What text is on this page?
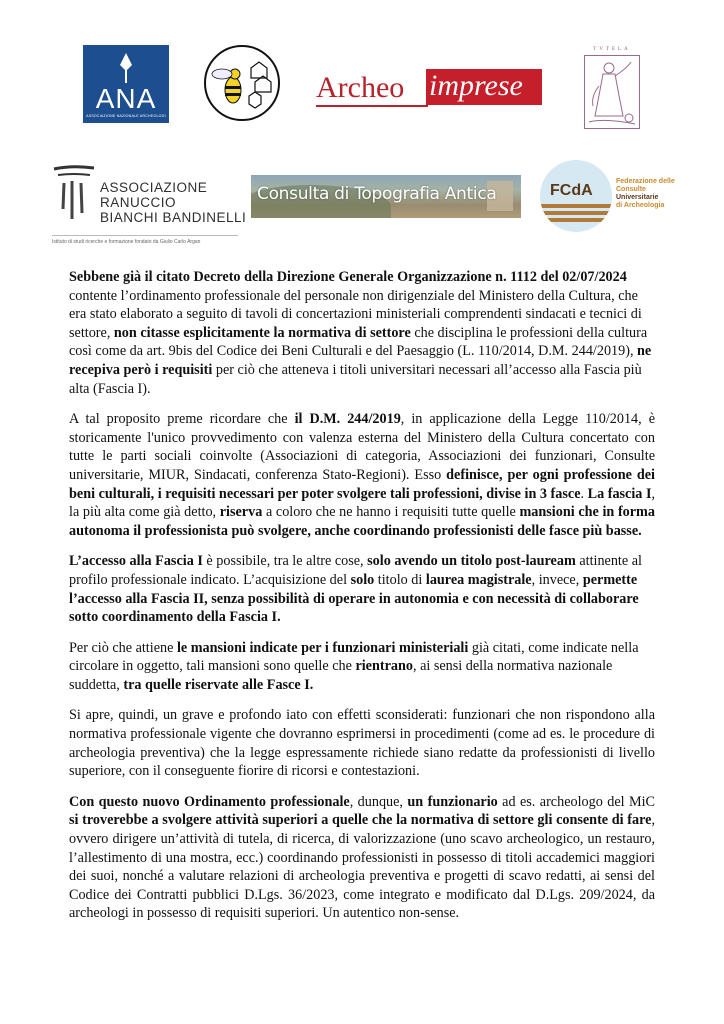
ANA
ASSOCIAZIONE NAZIONALE ARCHEOLOGI
Archeo imprese
TVTELA
ASSOCIAZIONE
RANUCCIO
BIANCHI BANDINELLI
Istituto di studi ricerche e formazione fondato da Giulio Carlo Argan
Consulta di Topografia Antica	FCdA
Federazione delle
Consulte
Universitarie
di Archeologia

Sebbene già il citato Decreto della Direzione Generale Organizzazione n. 1112 del 02/07/2024 contente l’ordinamento professionale del personale non dirigenziale del Ministero della Cultura, che era stato elaborato a seguito di tavoli di concertazioni ministeriali comprendenti sindacati e tecnici di settore, non citasse esplicitamente la normativa di settore che disciplina le professioni della cultura così come da art. 9bis del Codice dei Beni Culturali e del Paesaggio (L. 110/2014, D.M. 244/2019), ne recepiva però i requisiti per ciò che atteneva i titoli universitari necessari all’accesso alla Fascia più alta (Fascia I).

A tal proposito preme ricordare che il D.M. 244/2019, in applicazione della Legge 110/2014, è storicamente l'unico provvedimento con valenza esterna del Ministero della Cultura concertato con tutte le parti sociali coinvolte (Associazioni di categoria, Associazioni dei funzionari, Consulte universitarie, MIUR, Sindacati, conferenza Stato-Regioni). Esso definisce, per ogni professione dei beni culturali, i requisiti necessari per poter svolgere tali professioni, divise in 3 fasce. La fascia I, la più alta come già detto, riserva a coloro che ne hanno i requisiti tutte quelle mansioni che in forma autonoma il professionista può svolgere, anche coordinando professionisti delle fasce più basse.

L’accesso alla Fascia I è possibile, tra le altre cose, solo avendo un titolo post-lauream attinente al profilo professionale indicato. L’acquisizione del solo titolo di laurea magistrale, invece, permette l’accesso alla Fascia II, senza possibilità di operare in autonomia e con necessità di collaborare sotto coordinamento della Fascia I.

Per ciò che attiene le mansioni indicate per i funzionari ministeriali già citati, come indicate nella circolare in oggetto, tali mansioni sono quelle che rientrano, ai sensi della normativa nazionale suddetta, tra quelle riservate alle Fasce I.

Si apre, quindi, un grave e profondo iato con effetti sconsiderati: funzionari che non rispondono alla normativa professionale vigente che dovranno esprimersi in procedimenti (come ad es. le procedure di archeologia preventiva) che la legge espressamente richiede siano redatte da professionisti di livello superiore, con il conseguente fiorire di ricorsi e contestazioni.

Con questo nuovo Ordinamento professionale, dunque, un funzionario ad es. archeologo del MiC si troverebbe a svolgere attività superiori a quelle che la normativa di settore gli consente di fare, ovvero dirigere un’attività di tutela, di ricerca, di valorizzazione (uno scavo archeologico, un restauro, l’allestimento di una mostra, ecc.) coordinando professionisti in possesso di titoli accademici maggiori dei suoi, nonché a valutare relazioni di archeologia preventiva e progetti di scavo redatti, ai sensi del Codice dei Contratti pubblici D.Lgs. 36/2023, come integrato e modificato dal D.Lgs. 209/2024, da archeologi in possesso di requisiti superiori. Un autentico non-sense.
